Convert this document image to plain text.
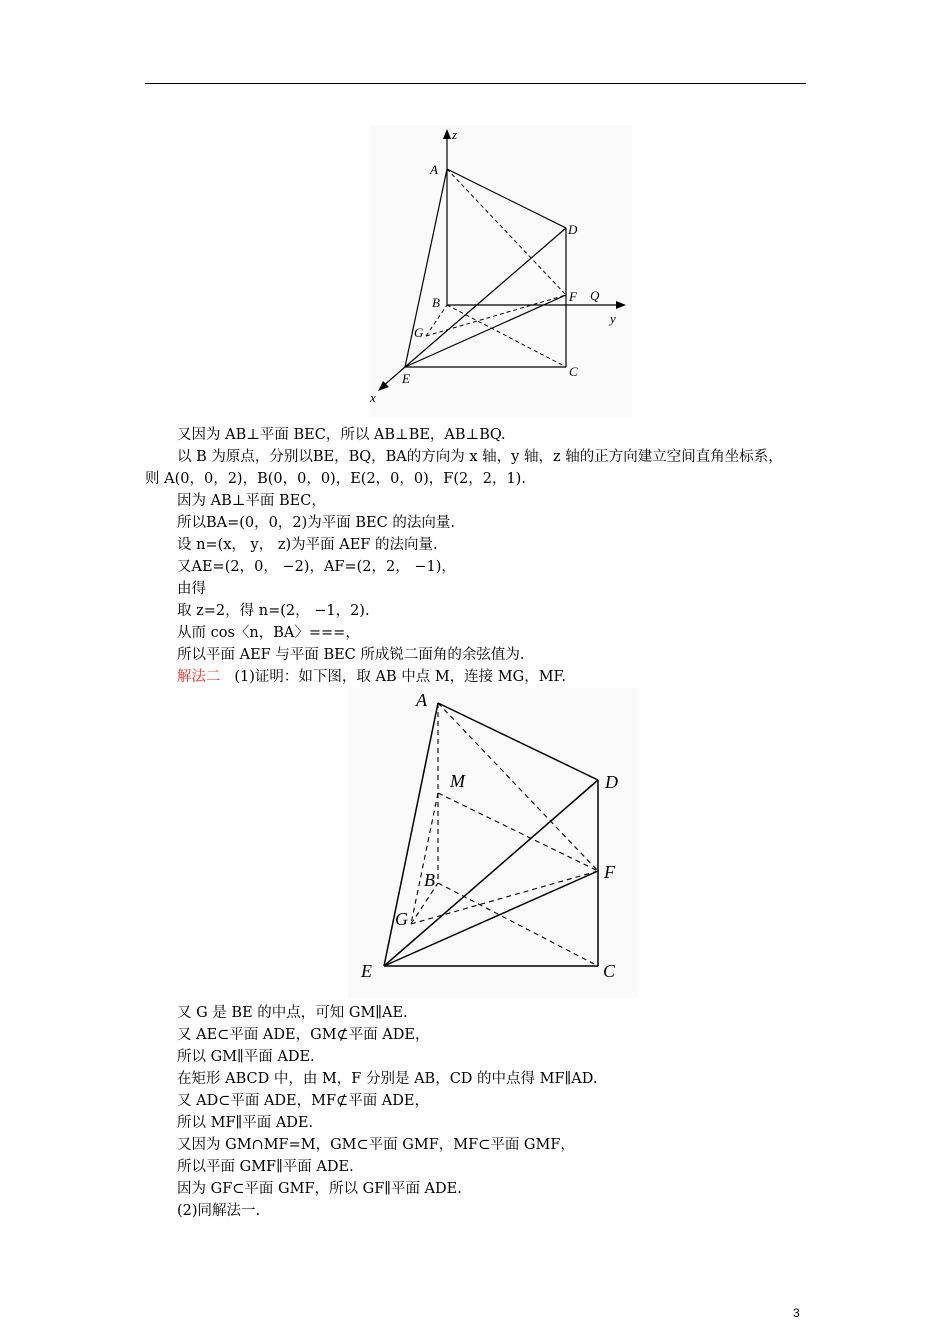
z
A
D
B	F Q
y
G
E	C
x
又因为 AB⊥平面 BEC，所以 AB⊥BE，AB⊥BQ.
以 B 为原点，分别以BE，BQ，BA的方向为 x 轴，y 轴，z 轴的正方向建立空间直角坐标系，
则 A(0，0，2)，B(0，0，0)，E(2，0，0)，F(2，2，1).
因为 AB⊥平面 BEC，
所以BA=(0，0，2)为平面 BEC 的法向量.
设 n=(x， y， z)为平面 AEF 的法向量.
又AE=(2，0， −2)，AF=(2，2， −1)，
由得
取 z=2，得 n=(2， −1，2).
从而 cos〈n，BA〉===，
所以平面 AEF 与平面 BEC 所成锐二面角的余弦值为.
解法二 (1)证明：如下图，取 AB 中点 M，连接 MG，MF.
A
M	D
B	F
G
E	C
又 G 是 BE 的中点，可知 GM∥AE.
又 AE⊂平面 ADE，GM⊄平面 ADE，
所以 GM∥平面 ADE.
在矩形 ABCD 中，由 M，F 分别是 AB，CD 的中点得 MF∥AD.
又 AD⊂平面 ADE，MF⊄平面 ADE，
所以 MF∥平面 ADE.
又因为 GM∩MF=M，GM⊂平面 GMF，MF⊂平面 GMF，
所以平面 GMF∥平面 ADE.
因为 GF⊂平面 GMF，所以 GF∥平面 ADE.
(2)同解法一.
3
